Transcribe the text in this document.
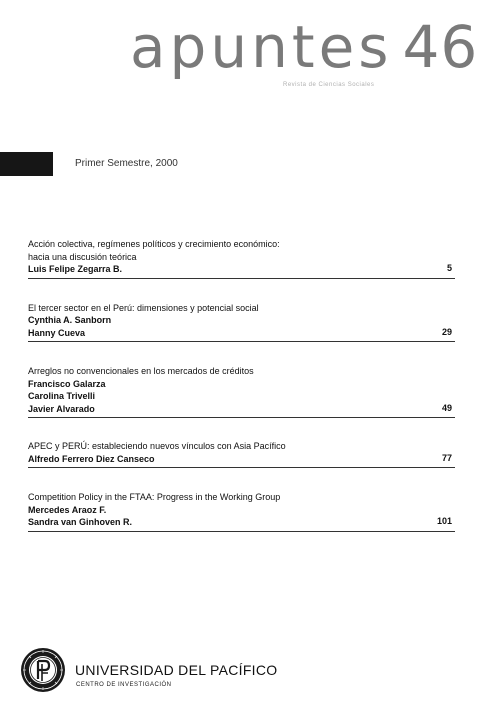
apuntes 46
Revista de Ciencias Sociales
Primer Semestre, 2000
Acción colectiva, regímenes políticos y crecimiento económico:
hacia una discusión teórica
Luis Felipe Zegarra B.	5
El tercer sector en el Perú: dimensiones y potencial social
Cynthia A. Sanborn
Hanny Cueva	29
Arreglos no convencionales en los mercados de créditos
Francisco Galarza
Carolina Trivelli
Javier Alvarado	49
APEC y PERÚ: estableciendo nuevos vínculos con Asia Pacífico
Alfredo Ferrero Diez Canseco	77
Competition Policy in the FTAA: Progress in the Working Group
Mercedes Araoz F.
Sandra van Ginhoven R.	101
UNIVERSIDAD DEL PACÍFICO
CENTRO DE INVESTIGACIÓN
